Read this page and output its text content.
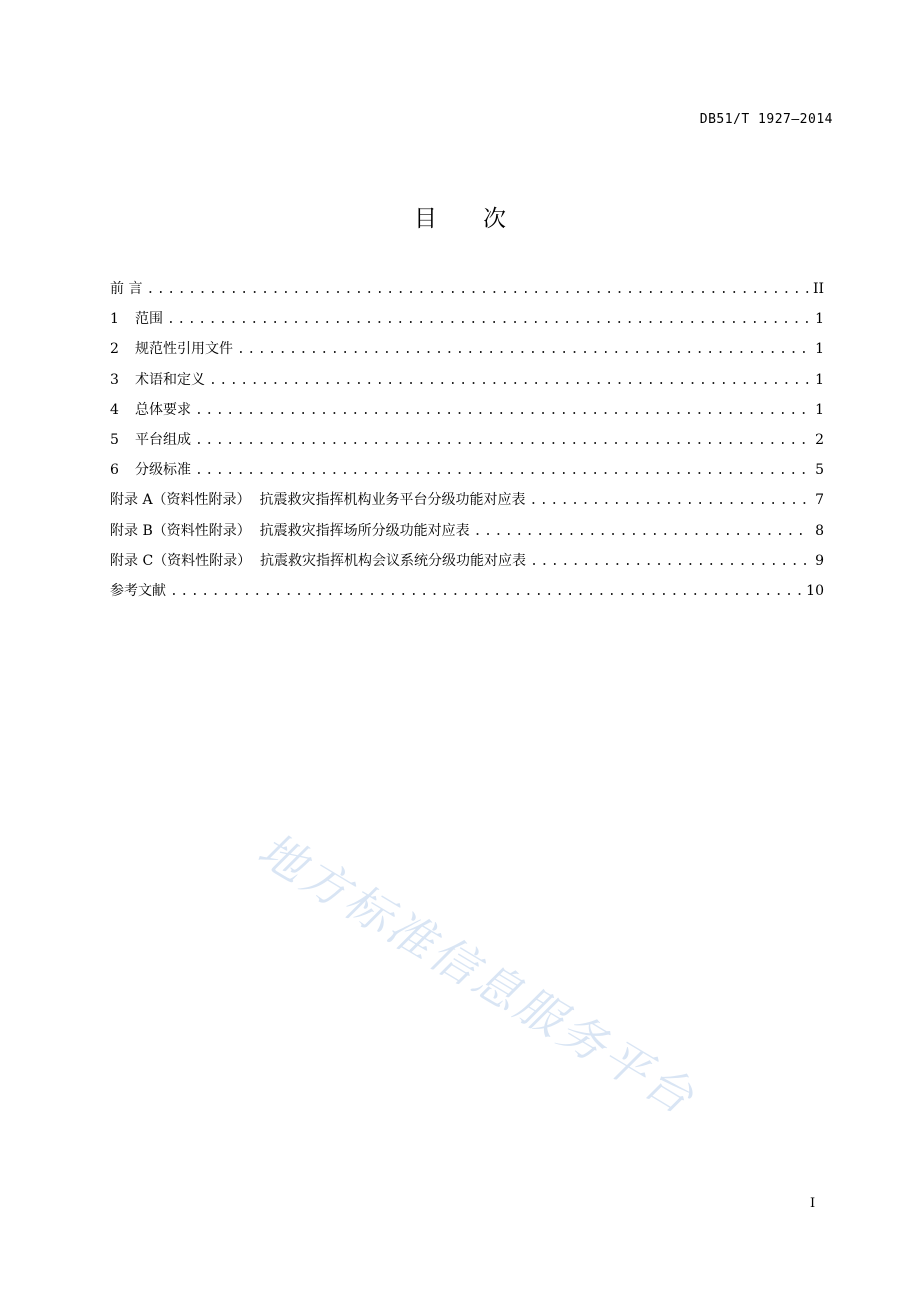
DB51/T 1927—2014
目次
前 言 .....	II
1	范围 .....	1
2	规范性引用文件 .....	1
3	术语和定义 .....	1
4	总体要求 .....	1
5	平台组成 .....	2
6	分级标准 .....	5
附录 A（资料性附录）  抗震救灾指挥机构业务平台分级功能对应表 .....	7
附录 B（资料性附录）  抗震救灾指挥场所分级功能对应表 .....	8
附录 C（资料性附录）  抗震救灾指挥机构会议系统分级功能对应表 .....	9
参考文献 .....	10
地方标准信息服务平台
I
